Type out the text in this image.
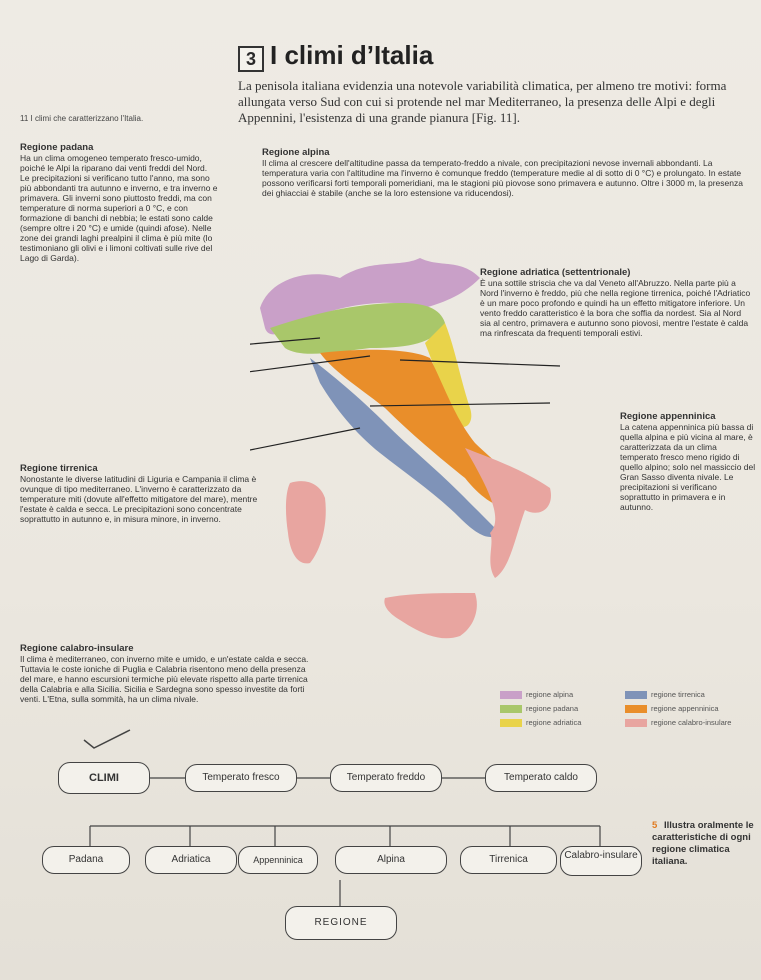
3 I climi d’Italia
La penisola italiana evidenzia una notevole variabilità climatica, per almeno tre motivi: forma allungata verso Sud con cui si protende nel mar Mediterraneo, la presenza delle Alpi e degli Appennini, l'esistenza di una grande pianura [Fig. 11].
11 I climi che caratterizzano l'Italia.
Regione padana

Ha un clima omogeneo temperato fresco-umido, poiché le Alpi la riparano dai venti freddi del Nord. Le precipitazioni si verificano tutto l'anno, ma sono più abbondanti tra autunno e inverno, e tra inverno e primavera. Gli inverni sono piuttosto freddi, ma con temperature di norma superiori a 0 °C, e con formazione di banchi di nebbia; le estati sono calde (sempre oltre i 20 °C) e umide (quindi afose). Nelle zone dei grandi laghi prealpini il clima è più mite (lo testimoniano gli olivi e i limoni coltivati sulle rive del Lago di Garda).

Regione alpina

Il clima al crescere dell'altitudine passa da temperato-freddo a nivale, con precipitazioni nevose invernali abbondanti. La temperatura varia con l'altitudine ma l'inverno è comunque freddo (temperature medie al di sotto di 0 °C) e prolungato. In estate possono verificarsi forti temporali pomeridiani, ma le stagioni più piovose sono primavera e autunno. Oltre i 3000 m, la presenza dei ghiacciai è stabile (anche se la loro estensione va riducendosi).

Regione adriatica (settentrionale)

È una sottile striscia che va dal Veneto all'Abruzzo. Nella parte più a Nord l'inverno è freddo, più che nella regione tirrenica, poiché l'Adriatico è un mare poco profondo e quindi ha un effetto mitigatore inferiore. Un vento freddo caratteristico è la bora che soffia da nordest. Sia al Nord sia al centro, primavera e autunno sono piovosi, mentre l'estate è calda ma rinfrescata da frequenti temporali estivi.

Regione appenninica

La catena appenninica più bassa di quella alpina e più vicina al mare, è caratterizzata da un clima temperato fresco meno rigido di quello alpino; solo nel massiccio del Gran Sasso diventa nivale. Le precipitazioni si verificano soprattutto in primavera e in autunno.

Regione tirrenica

Nonostante le diverse latitudini di Liguria e Campania il clima è ovunque di tipo mediterraneo. L'inverno è caratterizzato da temperature miti (dovute all'effetto mitigatore del mare), mentre l'estate è calda e secca. Le precipitazioni sono concentrate soprattutto in autunno e, in misura minore, in inverno.

Regione calabro-insulare

Il clima è mediterraneo, con inverno mite e umido, e un'estate calda e secca. Tuttavia le coste ioniche di Puglia e Calabria risentono meno della presenza del mare, e hanno escursioni termiche più elevate rispetto alla parte tirrenica della Calabria e alla Sicilia. Sicilia e Sardegna sono spesso investite da forti venti. L'Etna, sulla sommità, ha un clima nivale.	regione alpina	regione tirrenica
regione padana	regione appenninica
regione adriatica	regione calabro-insulare
CLIMI	Temperato fresco	Temperato freddo	Temperato caldo
Padana	Adriatica	Appenninica	Alpina	Tirrenica	Calabro-insulare
REGIONE
5 Illustra oralmente le caratteristiche di ogni regione climatica italiana.
